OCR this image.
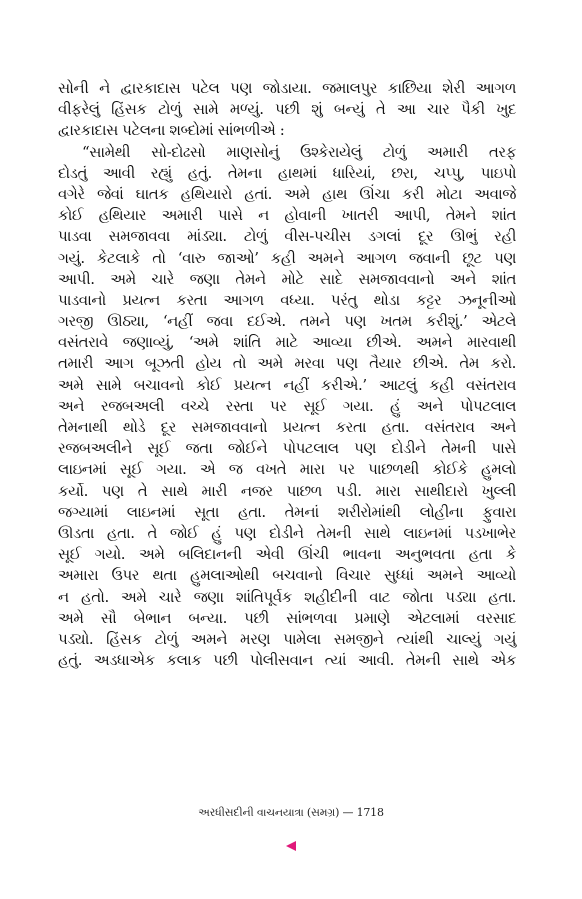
સોની ને દ્વારકાદાસ પટેલ પણ જોડાયા. જમાલપુર કાછિયા શેરી આગળ
વીફરેલું હિંસક ટોળું સામે મળ્યું. પછી શું બન્યું તે આ ચાર પૈકી ખુદ
દ્વારકાદાસ પટેલના શબ્દોમાં સાંભળીએ :
“સામેથી સો-દોઢસો માણસોનું ઉશ્કેરાયેલું ટોળું અમારી તરફ
દોડતું આવી રહ્યું હતું. તેમના હાથમાં ધારિયાં, છરા, ચપ્પુ, પાઇપો
વગેરે જેવાં ઘાતક હથિયારો હતાં. અમે હાથ ઊંચા કરી મોટા અવાજે
કોઈ હથિયાર અમારી પાસે ન હોવાની ખાતરી આપી, તેમને શાંત
પાડવા સમજાવવા માંડ્યા. ટોળું વીસ-પચીસ ડગલાં દૂર ઊભું રહી
ગયું. કેટલાકે તો ‘વારુ જાઓ’ કહી અમને આગળ જવાની છૂટ પણ
આપી. અમે ચારે જણા તેમને મોટે સાદે સમજાવવાનો અને શાંત
પાડવાનો પ્રયત્ન કરતા આગળ વધ્યા. પરંતુ થોડા કટ્ટર ઝનૂનીઓ
ગરજી ઊઠ્યા, ‘નહીં જવા દઈએ. તમને પણ ખતમ કરીશું.’ એટલે
વસંતરાવે જણાવ્યું, ‘અમે શાંતિ માટે આવ્યા છીએ. અમને મારવાથી
તમારી આગ બૂઝતી હોય તો અમે મરવા પણ તૈયાર છીએ. તેમ કરો.
અમે સામે બચાવનો કોઈ પ્રયત્ન નહીં કરીએ.’ આટલું કહી વસંતરાવ
અને રજબઅલી વચ્ચે રસ્તા પર સૂઈ ગયા. હું અને પોપટલાલ
તેમનાથી થોડે દૂર સમજાવવાનો પ્રયત્ન કરતા હતા. વસંતરાવ અને
રજબઅલીને સૂઈ જતા જોઈને પોપટલાલ પણ દોડીને તેમની પાસે
લાઇનમાં સૂઈ ગયા. એ જ વખતે મારા પર પાછળથી કોઈકે હુમલો
કર્યો. પણ તે સાથે મારી નજર પાછળ પડી. મારા સાથીદારો ખુલ્લી
જગ્યામાં લાઇનમાં સૂતા હતા. તેમનાં શરીરોમાંથી લોહીના ફુવારા
ઊડતા હતા. તે જોઈ હું પણ દોડીને તેમની સાથે લાઇનમાં પડખાભેર
સૂઈ ગયો. અમે બલિદાનની એવી ઊંચી ભાવના અનુભવતા હતા કે
અમારા ઉપર થતા હુમલાઓથી બચવાનો વિચાર સુધ્ધાં અમને આવ્યો
ન હતો. અમે ચારે જણા શાંતિપૂર્વક શહીદીની વાટ જોતા પડ્યા હતા.
અમે સૌ બેભાન બન્યા. પછી સાંભળવા પ્રમાણે એટલામાં વરસાદ
પડ્યો. હિંસક ટોળું અમને મરણ પામેલા સમજીને ત્યાંથી ચાલ્યું ગયું
હતું. અડધાએક કલાક પછી પોલીસવાન ત્યાં આવી. તેમની સાથે એક
અરધીસદીની વાચનયાત્રા (સમગ્ર) — 1718
